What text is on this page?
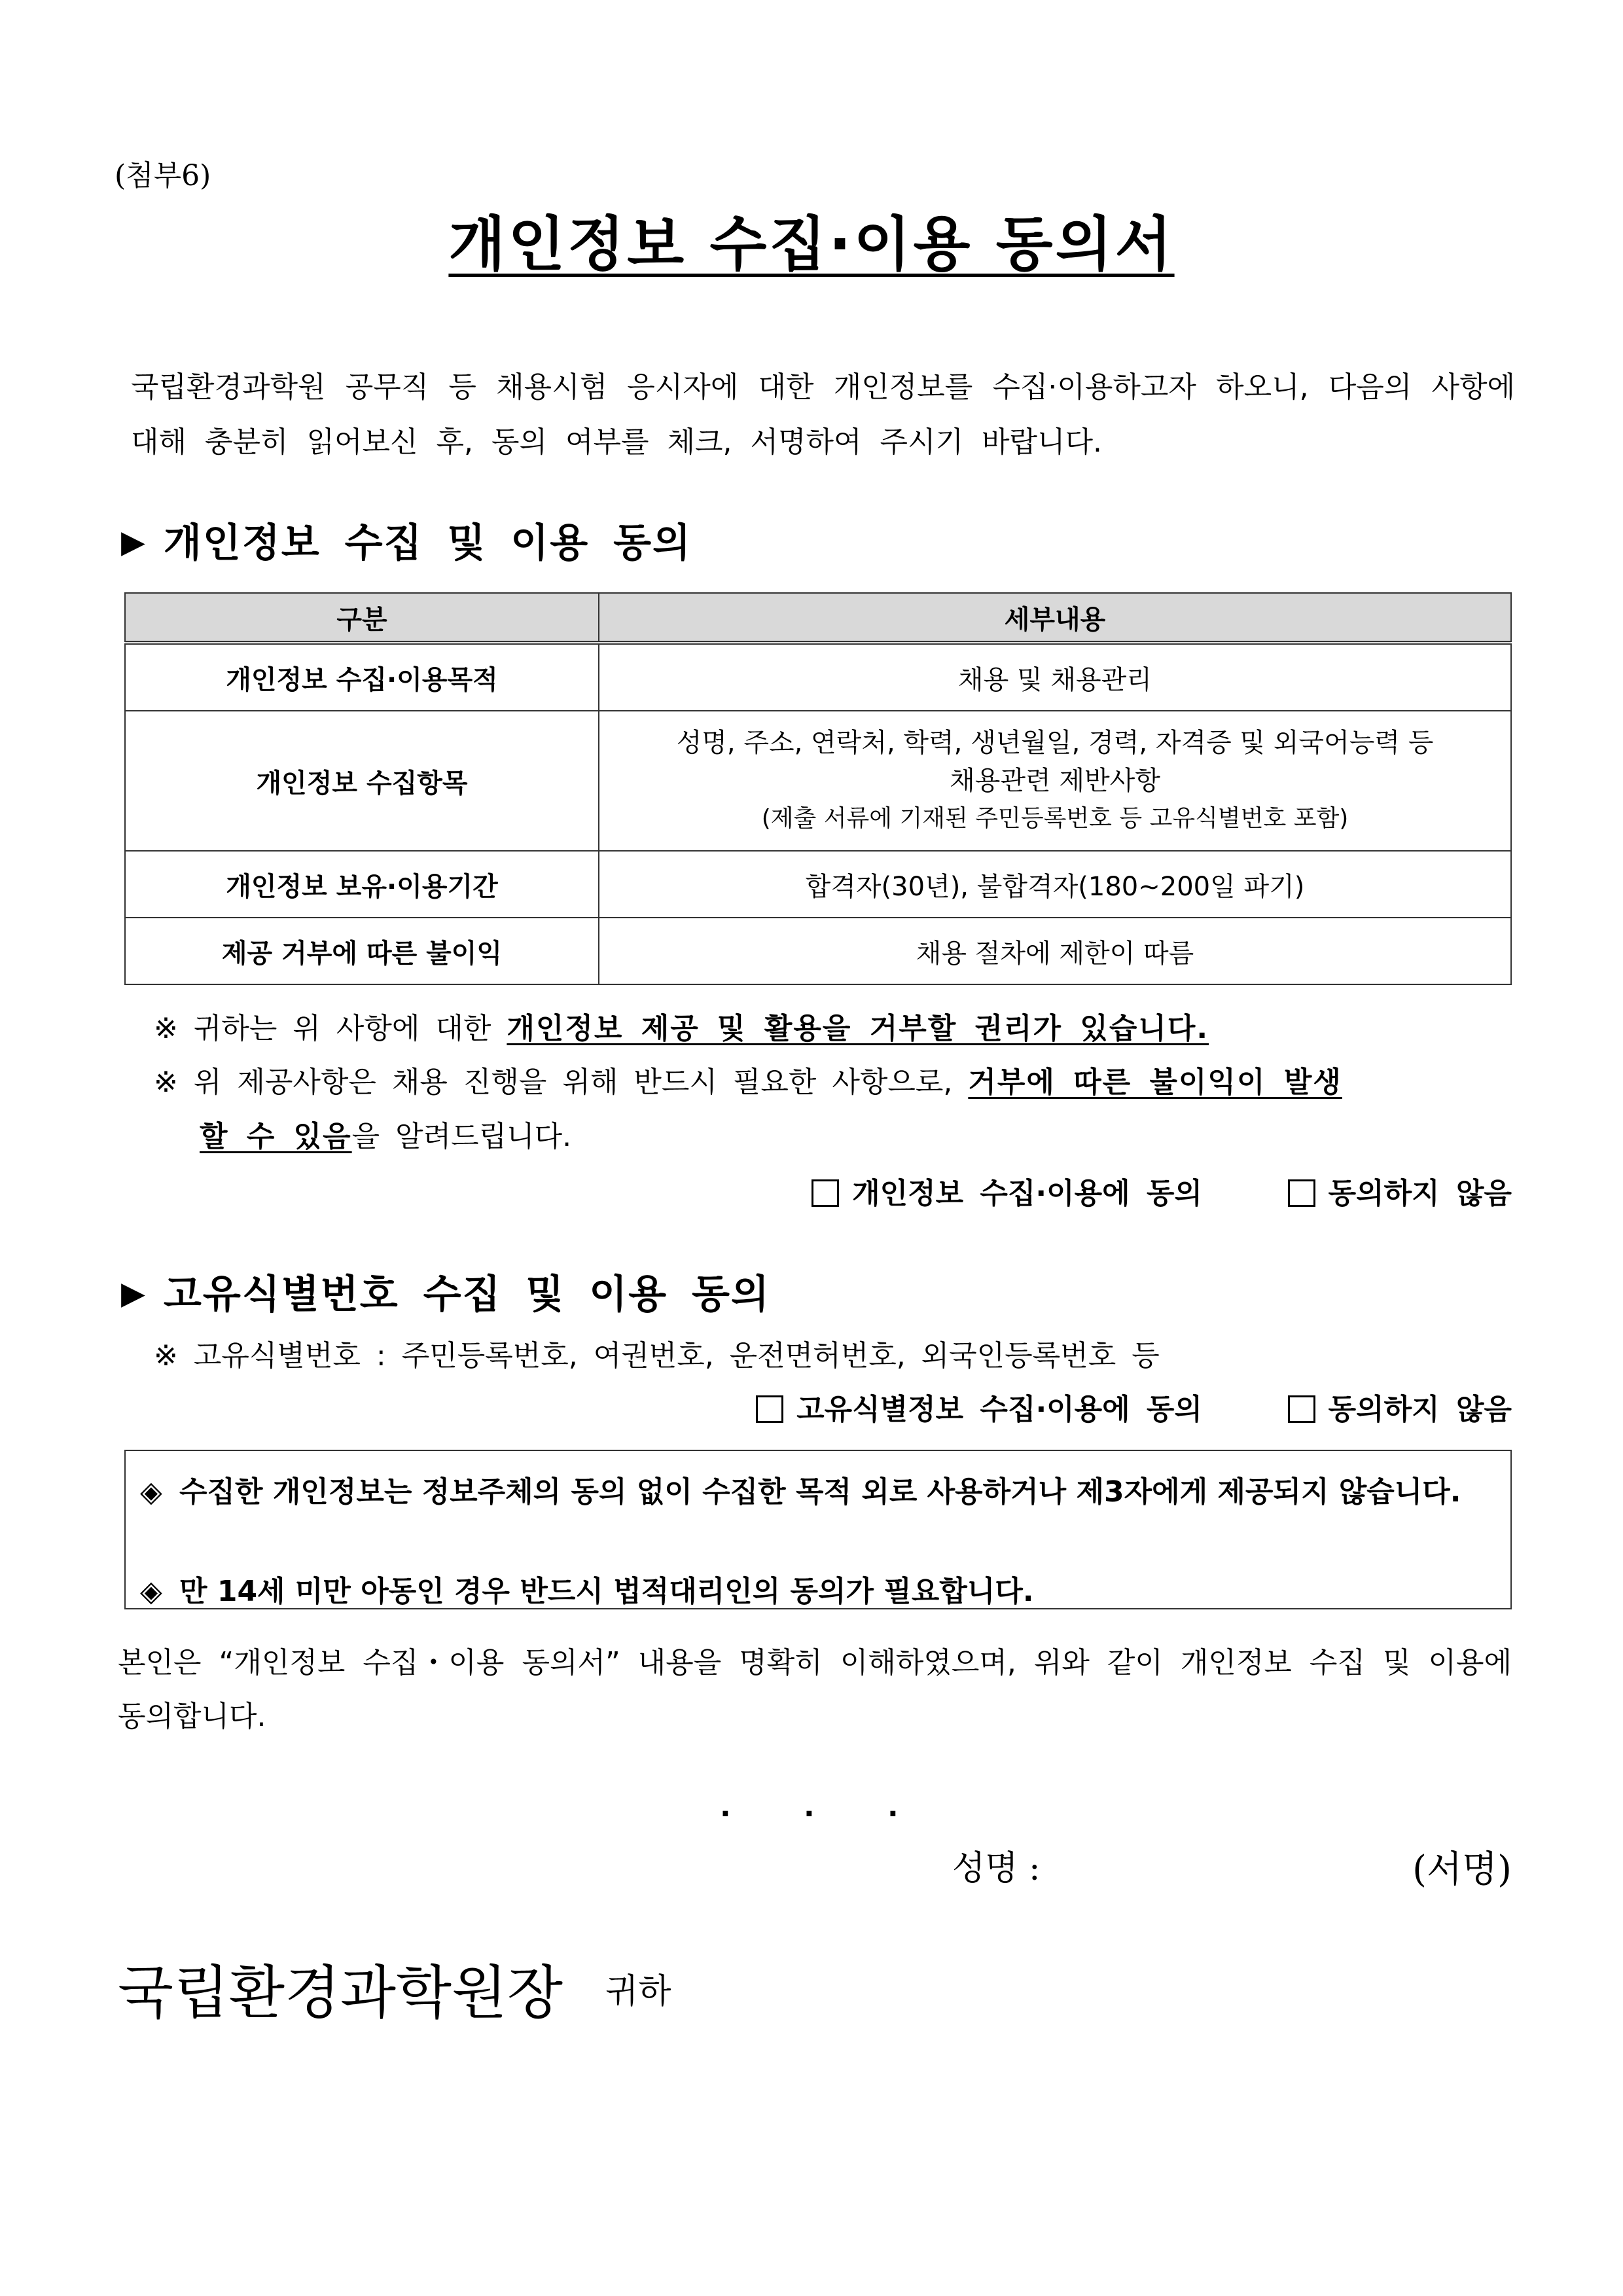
(첨부6)
개인정보 수집·이용 동의서
국립환경과학원 공무직 등 채용시험 응시자에 대한 개인정보를 수집·이용하고자 하오니, 다음의 사항에 대해 충분히 읽어보신 후, 동의 여부를 체크, 서명하여 주시기 바랍니다.
▶ 개인정보 수집 및 이용 동의
구분	세부내용
개인정보 수집·이용목적	채용 및 채용관리
개인정보 수집항목	성명, 주소, 연락처, 학력, 생년월일, 경력, 자격증 및 외국어능력 등
채용관련 제반사항
(제출 서류에 기재된 주민등록번호 등 고유식별번호 포함)

개인정보 보유·이용기간	합격자(30년), 불합격자(180~200일 파기)
제공 거부에 따른 불이익	채용 절차에 제한이 따름
※ 귀하는 위 사항에 대한 개인정보 제공 및 활용을 거부할 권리가 있습니다.
※ 위 제공사항은 채용 진행을 위해 반드시 필요한 사항으로, 거부에 따른 불이익이 발생
할 수 있음을 알려드립니다.
개인정보 수집·이용에 동의	동의하지 않음
▶ 고유식별번호 수집 및 이용 동의
※ 고유식별번호 : 주민등록번호, 여권번호, 운전면허번호, 외국인등록번호 등
고유식별정보 수집·이용에 동의	동의하지 않음
◈ 수집한 개인정보는 정보주체의 동의 없이 수집한 목적 외로 사용하거나 제3자에게 제공되지 않습니다.
◈ 만 14세 미만 아동인 경우 반드시 법적대리인의 동의가 필요합니다.
본인은 “개인정보 수집・이용 동의서” 내용을 명확히 이해하였으며, 위와 같이 개인정보 수집 및 이용에 동의합니다.
.	.	.
성명 :	(서명)
국립환경과학원장 귀하
